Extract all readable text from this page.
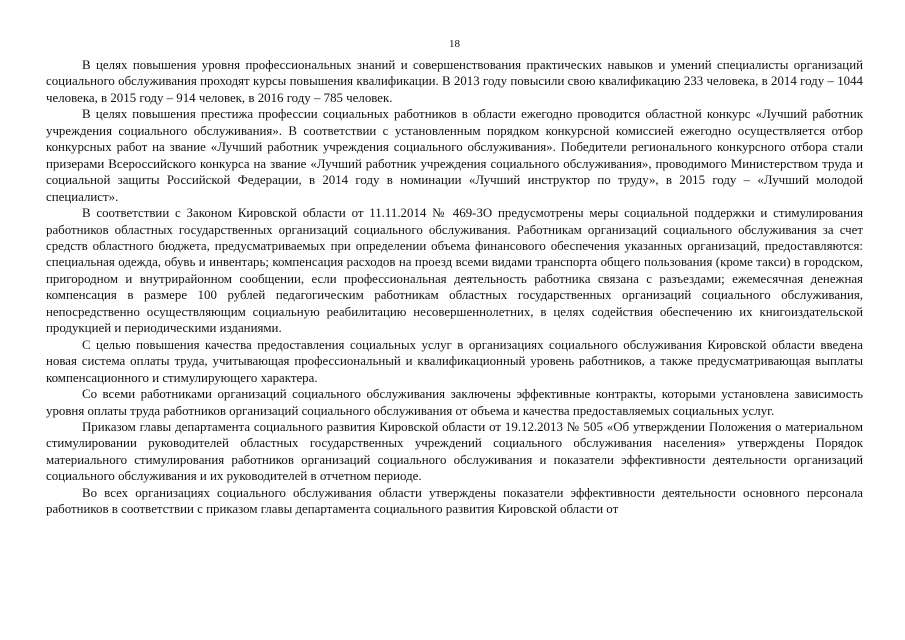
18

В целях повышения уровня профессиональных знаний и совершенствования практических навыков и умений специалисты организаций социального обслуживания проходят курсы повышения квалификации. В 2013 году повысили свою квалификацию 233 человека, в 2014 году – 1044 человека, в 2015 году – 914 человек, в 2016 году – 785 человек.

В целях повышения престижа профессии социальных работников в области ежегодно проводится областной конкурс «Лучший работник учреждения социального обслуживания». В соответствии с установленным порядком конкурсной комиссией ежегодно осуществляется отбор конкурсных работ на звание «Лучший работник учреждения социального обслуживания». Победители регионального конкурсного отбора стали призерами Всероссийского конкурса на звание «Лучший работник учреждения социального обслуживания», проводимого Министерством труда и социальной защиты Российской Федерации, в 2014 году в номинации «Лучший инструктор по труду», в 2015 году – «Лучший молодой специалист».

В соответствии с Законом Кировской области от 11.11.2014 № 469-ЗО предусмотрены меры социальной поддержки и стимулирования работников областных государственных организаций социального обслуживания. Работникам организаций социального обслуживания за счет средств областного бюджета, предусматриваемых при определении объема финансового обеспечения указанных организаций, предоставляются: специальная одежда, обувь и инвентарь; компенсация расходов на проезд всеми видами транспорта общего пользования (кроме такси) в городском, пригородном и внутрирайонном сообщении, если профессиональная деятельность работника связана с разъездами; ежемесячная денежная компенсация в размере 100 рублей педагогическим работникам областных государственных организаций социального обслуживания, непосредственно осуществляющим социальную реабилитацию несовершеннолетних, в целях содействия обеспечению их книгоиздательской продукцией и периодическими изданиями.

С целью повышения качества предоставления социальных услуг в организациях социального обслуживания Кировской области введена новая система оплаты труда, учитывающая профессиональный и квалификационный уровень работников, а также предусматривающая выплаты компенсационного и стимулирующего характера.

Со всеми работниками организаций социального обслуживания заключены эффективные контракты, которыми установлена зависимость уровня оплаты труда работников организаций социального обслуживания от объема и качества предоставляемых социальных услуг.

Приказом главы департамента социального развития Кировской области от 19.12.2013 № 505 «Об утверждении Положения о материальном стимулировании руководителей областных государственных учреждений социального обслуживания населения» утверждены Порядок материального стимулирования работников организаций социального обслуживания и показатели эффективности деятельности организаций социального обслуживания и их руководителей в отчетном периоде.

Во всех организациях социального обслуживания области утверждены показатели эффективности деятельности основного персонала работников в соответствии с приказом главы департамента социального развития Кировской области от
